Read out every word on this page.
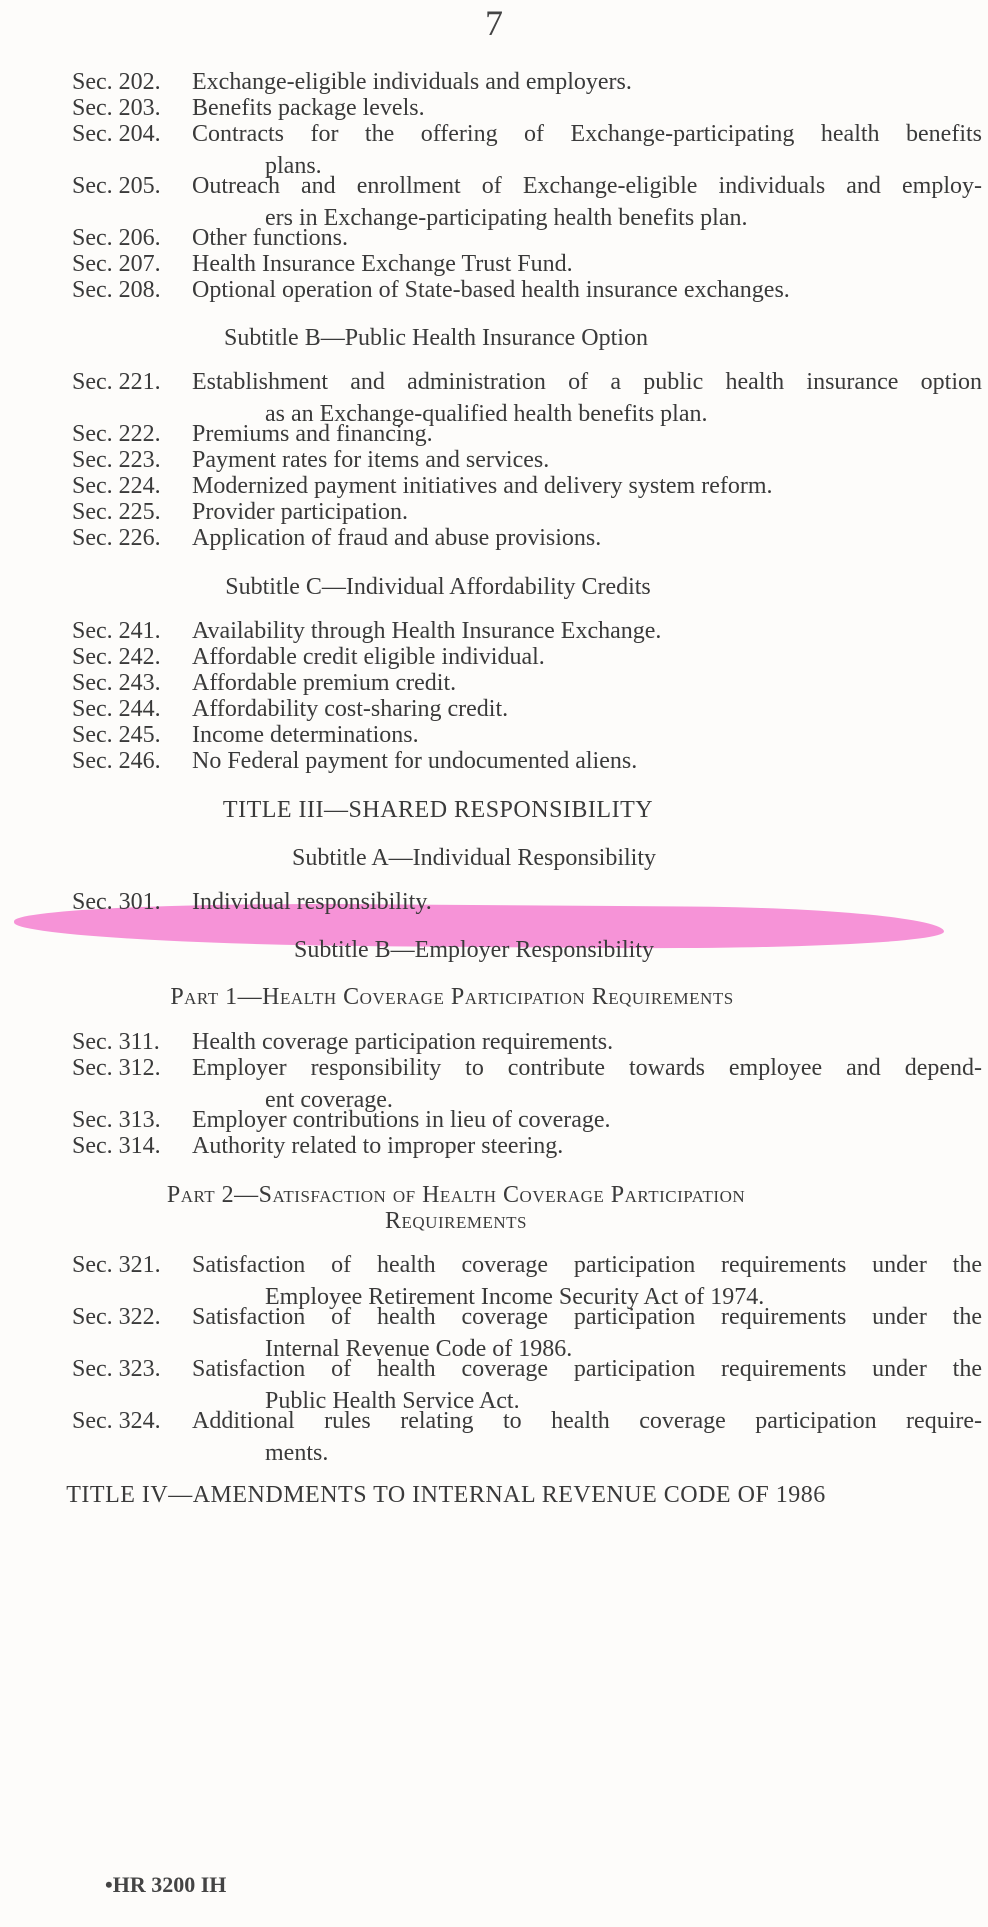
7
Sec. 202. Exchange-eligible individuals and employers.
Sec. 203. Benefits package levels.
Sec. 204. Contracts for the offering of Exchange-participating health benefits
plans.
Sec. 205. Outreach and enrollment of Exchange-eligible individuals and employ-
ers in Exchange-participating health benefits plan.
Sec. 206. Other functions.
Sec. 207. Health Insurance Exchange Trust Fund.
Sec. 208. Optional operation of State-based health insurance exchanges.
Subtitle B—Public Health Insurance Option
Sec. 221. Establishment and administration of a public health insurance option
as an Exchange-qualified health benefits plan.
Sec. 222. Premiums and financing.
Sec. 223. Payment rates for items and services.
Sec. 224. Modernized payment initiatives and delivery system reform.
Sec. 225. Provider participation.
Sec. 226. Application of fraud and abuse provisions.
Subtitle C—Individual Affordability Credits
Sec. 241. Availability through Health Insurance Exchange.
Sec. 242. Affordable credit eligible individual.
Sec. 243. Affordable premium credit.
Sec. 244. Affordability cost-sharing credit.
Sec. 245. Income determinations.
Sec. 246. No Federal payment for undocumented aliens.
TITLE III—SHARED RESPONSIBILITY
Subtitle A—Individual Responsibility
Sec. 301. Individual responsibility.
Subtitle B—Employer Responsibility
Part 1—Health Coverage Participation Requirements
Sec. 311. Health coverage participation requirements.
Sec. 312. Employer responsibility to contribute towards employee and depend-
ent coverage.
Sec. 313. Employer contributions in lieu of coverage.
Sec. 314. Authority related to improper steering.
Part 2—Satisfaction of Health Coverage Participation
Requirements
Sec. 321. Satisfaction of health coverage participation requirements under the
Employee Retirement Income Security Act of 1974.
Sec. 322. Satisfaction of health coverage participation requirements under the
Internal Revenue Code of 1986.
Sec. 323. Satisfaction of health coverage participation requirements under the
Public Health Service Act.
Sec. 324. Additional rules relating to health coverage participation require-
ments.
TITLE IV—AMENDMENTS TO INTERNAL REVENUE CODE OF 1986
•HR 3200 IH
